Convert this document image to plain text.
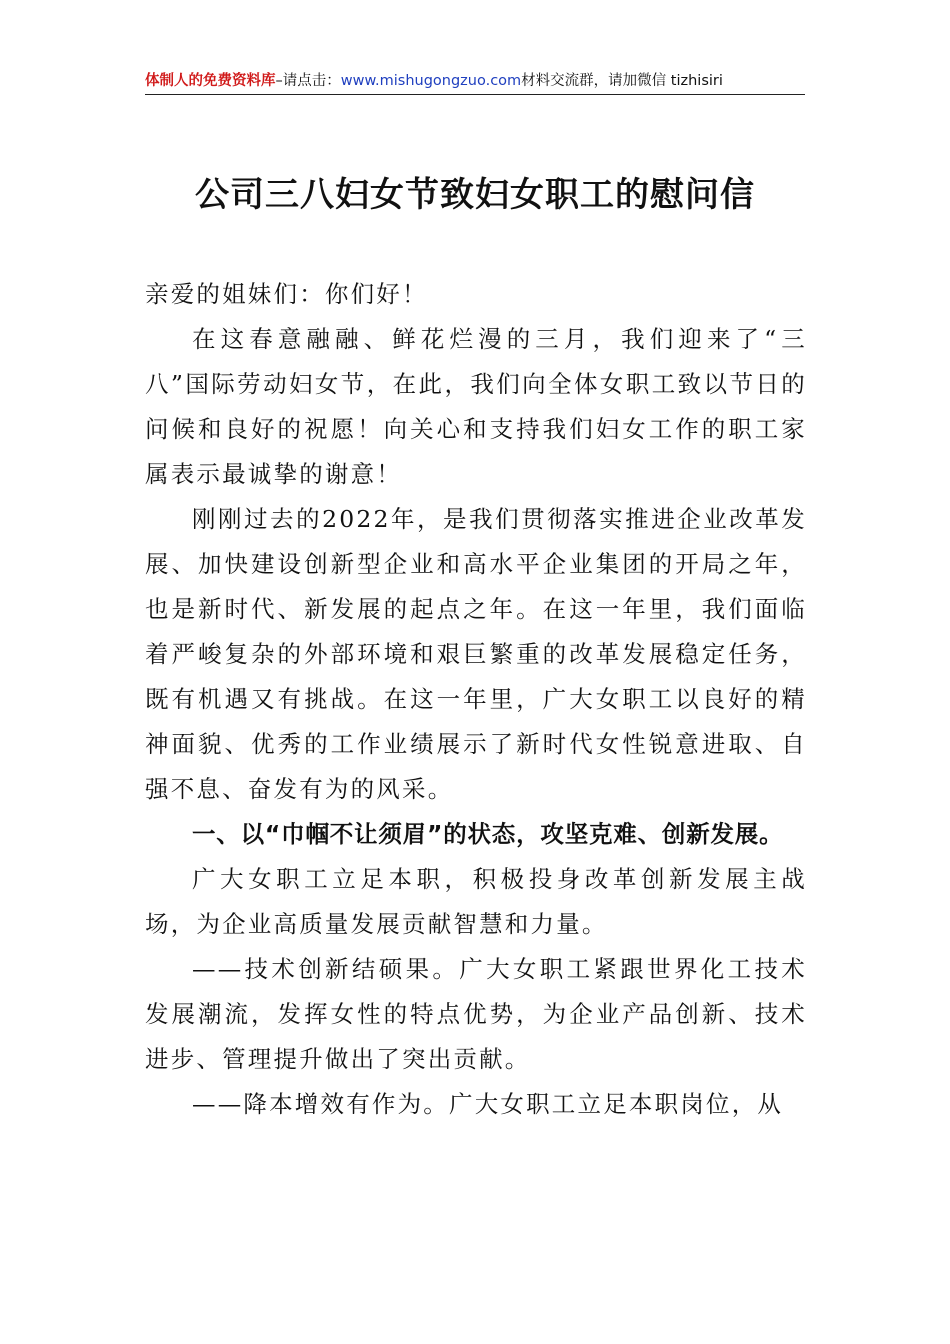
体制人的免费资料库–请点击：www.mishugongzuo.com材料交流群，请加微信 tizhisiri
公司三八妇女节致妇女职工的慰问信

亲爱的姐妹们：你们好！

在这春意融融、鲜花烂漫的三月，我们迎来了“三八”国际劳动妇女节，在此，我们向全体女职工致以节日的问候和良好的祝愿！向关心和支持我们妇女工作的职工家属表示最诚挚的谢意！

刚刚过去的2022年，是我们贯彻落实推进企业改革发展、加快建设创新型企业和高水平企业集团的开局之年，也是新时代、新发展的起点之年。在这一年里，我们面临着严峻复杂的外部环境和艰巨繁重的改革发展稳定任务，既有机遇又有挑战。在这一年里，广大女职工以良好的精神面貌、优秀的工作业绩展示了新时代女性锐意进取、自强不息、奋发有为的风采。

一、以“巾帼不让须眉”的状态，攻坚克难、创新发展。

广大女职工立足本职，积极投身改革创新发展主战场，为企业高质量发展贡献智慧和力量。

——技术创新结硕果。广大女职工紧跟世界化工技术发展潮流，发挥女性的特点优势，为企业产品创新、技术进步、管理提升做出了突出贡献。

——降本增效有作为。广大女职工立足本职岗位，从
